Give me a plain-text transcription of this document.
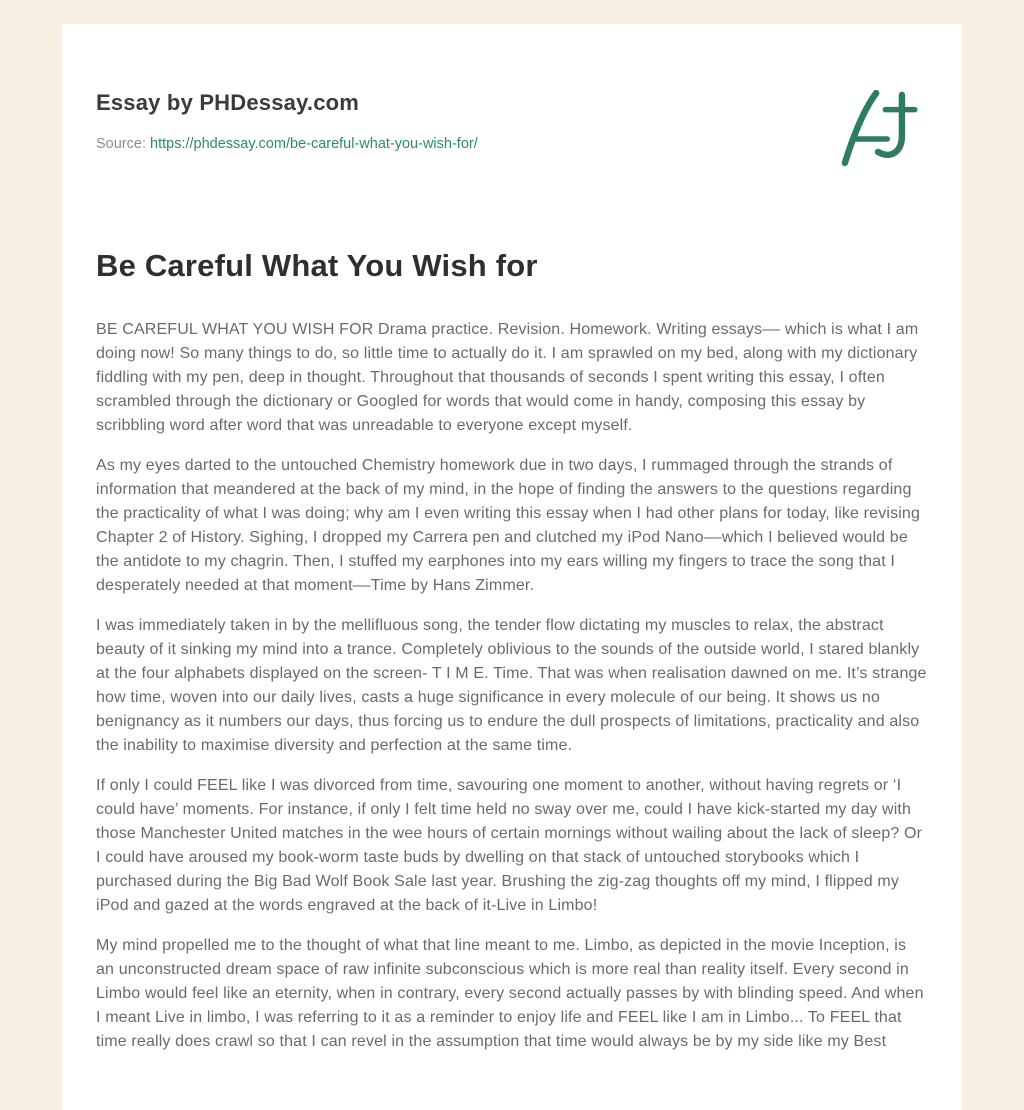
Essay by PHDessay.com
Source: https://phdessay.com/be-careful-what-you-wish-for/
Be Careful What You Wish for

BE CAREFUL WHAT YOU WISH FOR Drama practice. Revision. Homework. Writing essays–– which is what I am doing now! So many things to do, so little time to actually do it. I am sprawled on my bed, along with my dictionary fiddling with my pen, deep in thought. Throughout that thousands of seconds I spent writing this essay, I often scrambled through the dictionary or Googled for words that would come in handy, composing this essay by scribbling word after word that was unreadable to everyone except myself.

As my eyes darted to the untouched Chemistry homework due in two days, I rummaged through the strands of information that meandered at the back of my mind, in the hope of finding the answers to the questions regarding the practicality of what I was doing; why am I even writing this essay when I had other plans for today, like revising Chapter 2 of History. Sighing, I dropped my Carrera pen and clutched my iPod Nano––which I believed would be the antidote to my chagrin. Then, I stuffed my earphones into my ears willing my fingers to trace the song that I desperately needed at that moment––Time by Hans Zimmer.

I was immediately taken in by the mellifluous song, the tender flow dictating my muscles to relax, the abstract beauty of it sinking my mind into a trance. Completely oblivious to the sounds of the outside world, I stared blankly at the four alphabets displayed on the screen- T I M E. Time. That was when realisation dawned on me. It’s strange how time, woven into our daily lives, casts a huge significance in every molecule of our being. It shows us no benignancy as it numbers our days, thus forcing us to endure the dull prospects of limitations, practicality and also the inability to maximise diversity and perfection at the same time.

If only I could FEEL like I was divorced from time, savouring one moment to another, without having regrets or ‘I could have’ moments. For instance, if only I felt time held no sway over me, could I have kick-started my day with those Manchester United matches in the wee hours of certain mornings without wailing about the lack of sleep? Or I could have aroused my book-worm taste buds by dwelling on that stack of untouched storybooks which I purchased during the Big Bad Wolf Book Sale last year. Brushing the zig-zag thoughts off my mind, I flipped my iPod and gazed at the words engraved at the back of it-Live in Limbo!

My mind propelled me to the thought of what that line meant to me. Limbo, as depicted in the movie Inception, is an unconstructed dream space of raw infinite subconscious which is more real than reality itself. Every second in Limbo would feel like an eternity, when in contrary, every second actually passes by with blinding speed. And when I meant Live in limbo, I was referring to it as a reminder to enjoy life and FEEL like I am in Limbo... To FEEL that time really does crawl so that I can revel in the assumption that time would always be by my side like my Best
